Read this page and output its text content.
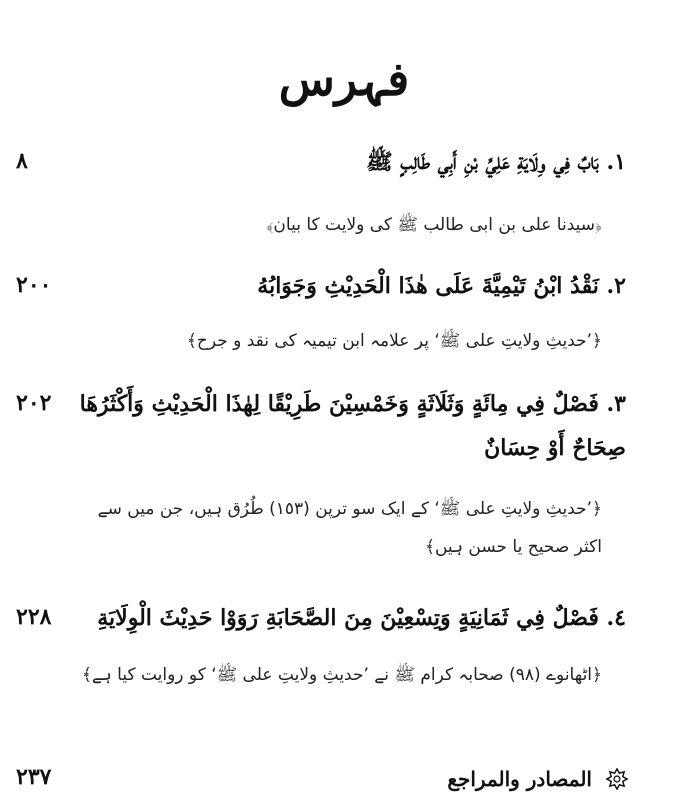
فہرس
١. بَابٌ فِي وِلَايَةِ عَلِيِّ بْنِ أَبِي طَالِبٍ ﷺ
٨
﴿سیدنا علی بن ابی طالب ﷺ کی ولایت کا بیان﴾
٢. نَقْدُ ابْنُ تَيْمِيَّةَ عَلَى هٰذَا الْحَدِيْثِ وَجَوَابُهُ
٢٠٠
﴿’حدیثِ ولایتِ علی ﷺ‘ پر علامہ ابن تیمیہ کی نقد و جرح﴾
٣. فَصْلٌ فِي مِائَةٍ وَثَلَاثَةٍ وَخَمْسِيْنَ طَرِيْقًا لِهٰذَا الْحَدِيْثِ وَأَكْثَرُهَا صِحَاحٌ أَوْ حِسَانٌ
٢٠٢
﴿’حدیثِ ولایتِ علی ﷺ‘ کے ایک سو ترپن (١٥٣) طُرُق ہیں، جن میں سے اکثر صحیح یا حسن ہیں﴾
٤. فَصْلٌ فِي ثَمَانِيَةٍ وَتِسْعِيْنَ مِنَ الصَّحَابَةِ رَوَوْا حَدِيْثَ الْوِلَايَةِ
٢٢٨
﴿اٹھانوے (٩٨) صحابہ کرام ﷺ نے ’حدیثِ ولایتِ علی ﷺ‘ کو روایت کیا ہے﴾
المصادر والمراجع
٢٣٧
